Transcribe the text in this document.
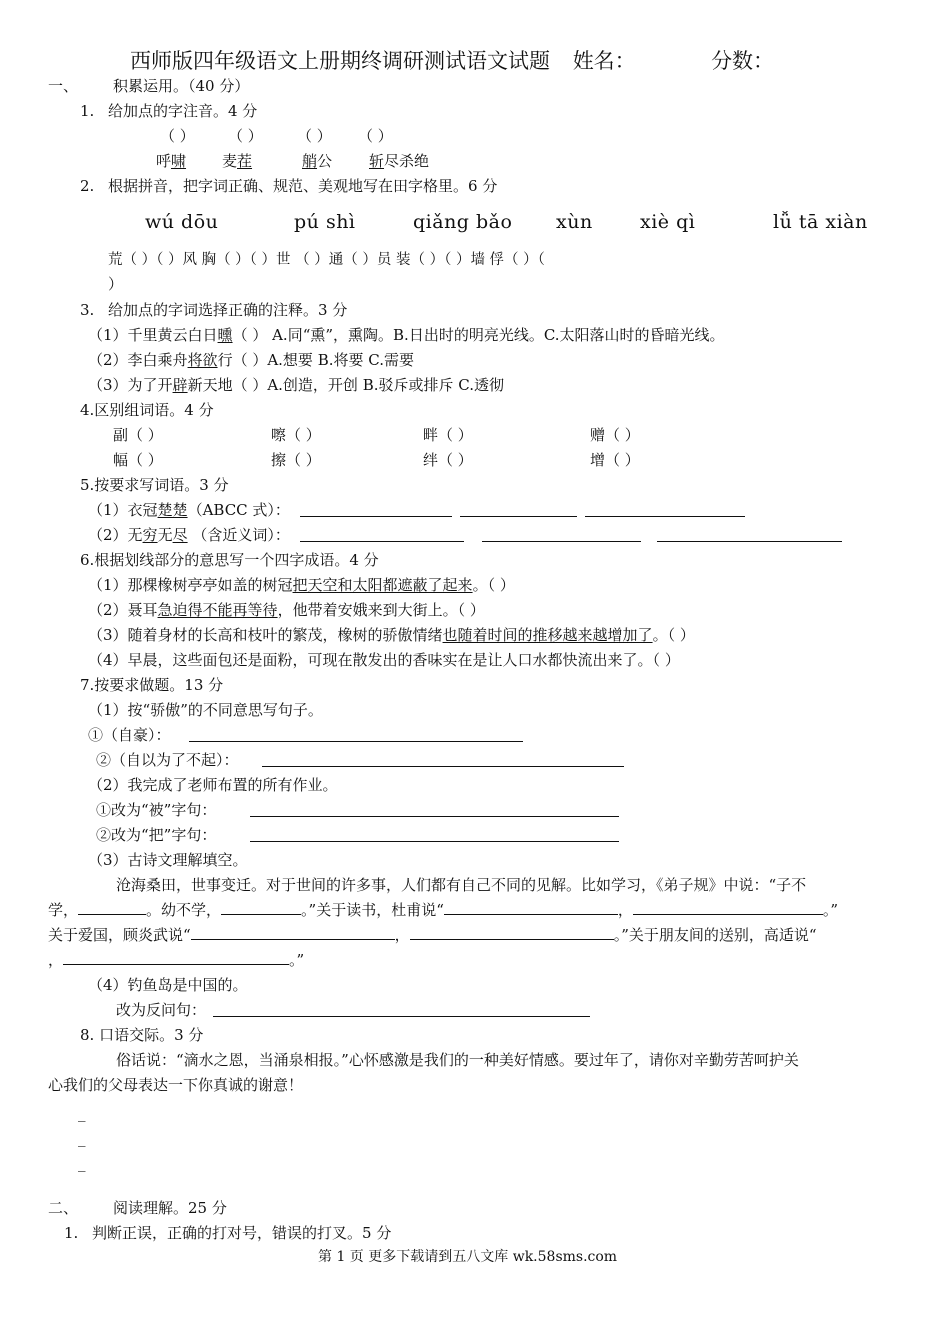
西师版四年级语文上册期终调研测试语文试题 姓名：	分数：
一、 积累运用。（40 分）
1. 给加点的字注音。4 分
（ ） （ ） （ ） （ ）
呼啸 麦茬	艄公 斩尽杀绝
2. 根据拼音，把字词正确、规范、美观地写在田字格里。6 分
wú dōu	pú shì	qiǎng bǎo xùn xiè qì	lǚ tā xiàn
荒（ ）（ ）风 胸（ ）（ ）世 （ ）通（ ）员 装（ ）（ ）墙 俘（ ）（
）
3. 给加点的字词选择正确的注释。3 分
（1）千里黄云白日曛（ ） A.同“熏”，熏陶。B.日出时的明亮光线。C.太阳落山时的昏暗光线。
（2）李白乘舟将欲行（ ）A.想要 B.将要 C.需要
（3）为了开辟新天地（ ）A.创造，开创 B.驳斥或排斥 C.透彻
4.区别组词语。4 分
副（ ）	嚓（ ）	畔（ ）	赠（ ）
幅（ ）	擦（ ）	绊（ ）	增（ ）
5.按要求写词语。3 分
（1）衣冠楚楚（ABCC 式）：
（2）无穷无尽 （含近义词）：
6.根据划线部分的意思写一个四字成语。4 分
（1）那棵橡树亭亭如盖的树冠把天空和太阳都遮蔽了起来。（ ）
（2）聂耳急迫得不能再等待，他带着安娥来到大街上。（ ）
（3）随着身材的长高和枝叶的繁茂，橡树的骄傲情绪也随着时间的推移越来越增加了。（ ）
（4）早晨，这些面包还是面粉，可现在散发出的香味实在是让人口水都快流出来了。（ ）
7.按要求做题。13 分
（1）按“骄傲”的不同意思写句子。
①（自豪）：
②（自以为了不起）：
（2）我完成了老师布置的所有作业。
①改为“被”字句：
②改为“把”字句：
（3）古诗文理解填空。
沧海桑田，世事变迁。对于世间的许多事，人们都有自己不同的见解。比如学习，《弟子规》中说：“子不
学，	。幼不学，	。”关于读书，杜甫说“	，	。”
关于爱国，顾炎武说“	，	。”关于朋友间的送别，高适说“
，	。”
（4）钓鱼岛是中国的。
改为反问句：
8. 口语交际。3 分
俗话说：“滴水之恩，当涌泉相报。”心怀感激是我们的一种美好情感。要过年了，请你对辛勤劳苦呵护关
心我们的父母表达一下你真诚的谢意！
_
_
_
二、 阅读理解。25 分
1. 判断正误，正确的打对号，错误的打叉。5 分
第 1 页 更多下载请到五八文库 wk.58sms.com
